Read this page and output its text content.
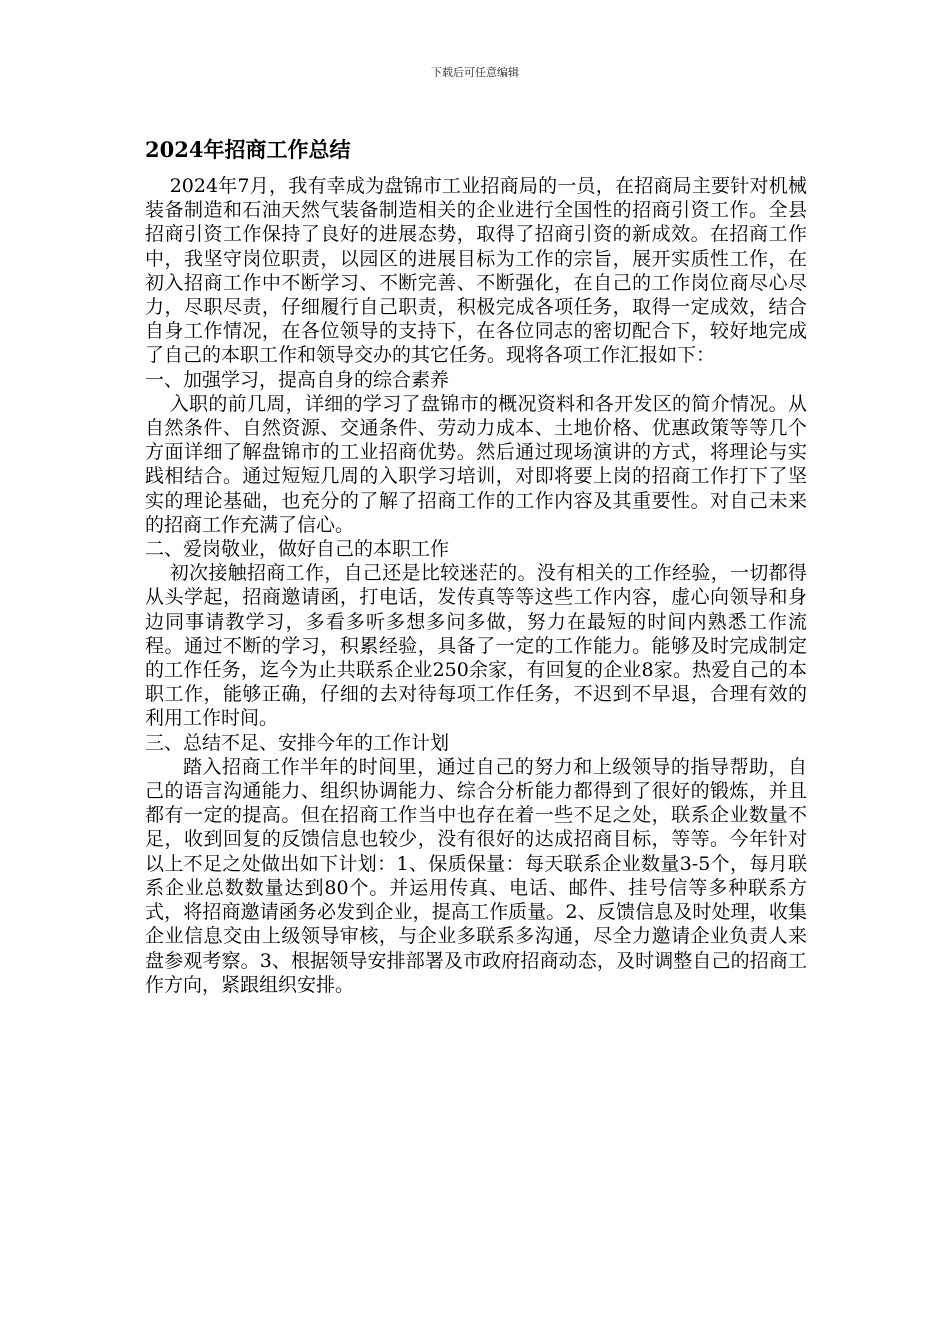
下载后可任意编辑
2024年招商工作总结

2024年7月，我有幸成为盘锦市工业招商局的一员，在招商局主要针对机械装备制造和石油天然气装备制造相关的企业进行全国性的招商引资工作。全县招商引资工作保持了良好的进展态势，取得了招商引资的新成效。在招商工作中，我坚守岗位职责，以园区的进展目标为工作的宗旨，展开实质性工作，在初入招商工作中不断学习、不断完善、不断强化，在自己的工作岗位商尽心尽力，尽职尽责，仔细履行自己职责，积极完成各项任务，取得一定成效，结合自身工作情况，在各位领导的支持下，在各位同志的密切配合下，较好地完成了自己的本职工作和领导交办的其它任务。现将各项工作汇报如下：

一、加强学习，提高自身的综合素养

入职的前几周，详细的学习了盘锦市的概况资料和各开发区的简介情况。从自然条件、自然资源、交通条件、劳动力成本、土地价格、优惠政策等等几个方面详细了解盘锦市的工业招商优势。然后通过现场演讲的方式，将理论与实践相结合。通过短短几周的入职学习培训，对即将要上岗的招商工作打下了坚实的理论基础，也充分的了解了招商工作的工作内容及其重要性。对自己未来的招商工作充满了信心。

二、爱岗敬业，做好自己的本职工作

初次接触招商工作，自己还是比较迷茫的。没有相关的工作经验，一切都得从头学起，招商邀请函，打电话，发传真等等这些工作内容，虚心向领导和身边同事请教学习，多看多听多想多问多做，努力在最短的时间内熟悉工作流程。通过不断的学习，积累经验，具备了一定的工作能力。能够及时完成制定的工作任务，迄今为止共联系企业250余家，有回复的企业8家。热爱自己的本职工作，能够正确，仔细的去对待每项工作任务，不迟到不早退，合理有效的利用工作时间。

三、总结不足、安排今年的工作计划

踏入招商工作半年的时间里，通过自己的努力和上级领导的指导帮助，自己的语言沟通能力、组织协调能力、综合分析能力都得到了很好的锻炼，并且都有一定的提高。但在招商工作当中也存在着一些不足之处，联系企业数量不足，收到回复的反馈信息也较少，没有很好的达成招商目标，等等。今年针对以上不足之处做出如下计划：1、保质保量：每天联系企业数量3-5个，每月联系企业总数数量达到80个。并运用传真、电话、邮件、挂号信等多种联系方式，将招商邀请函务必发到企业，提高工作质量。2、反馈信息及时处理，收集企业信息交由上级领导审核，与企业多联系多沟通，尽全力邀请企业负责人来盘参观考察。3、根据领导安排部署及市政府招商动态，及时调整自己的招商工作方向，紧跟组织安排。
